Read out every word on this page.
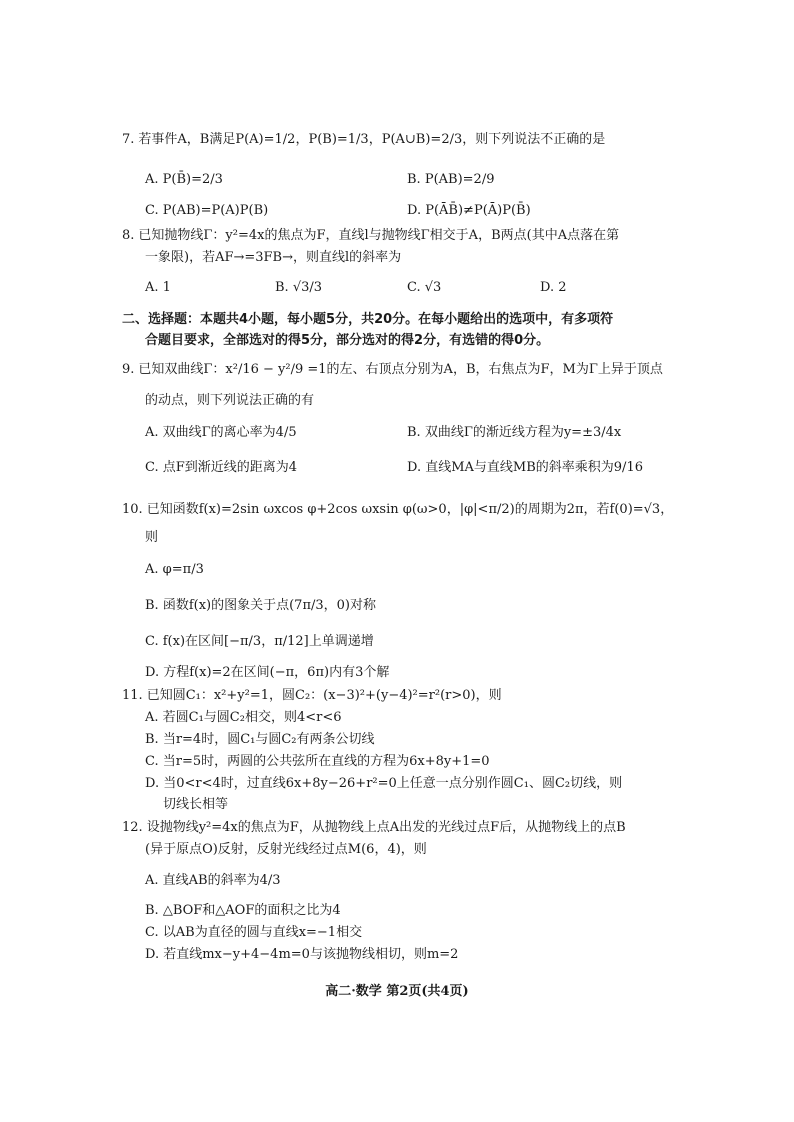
7. 若事件A，B满足P(A)=1/2，P(B)=1/3，P(A∪B)=2/3，则下列说法不正确的是
A. P(B̄)=2/3	B. P(AB)=2/9
C. P(AB)=P(A)P(B)	D. P(ĀB̄)≠P(Ā)P(B̄)
8. 已知抛物线Γ：y²=4x的焦点为F，直线l与抛物线Γ相交于A，B两点(其中A点落在第
一象限)，若AF→=3FB→，则直线l的斜率为
A. 1	B. √3/3	C. √3	D. 2
二、选择题：本题共4小题，每小题5分，共20分。在每小题给出的选项中，有多项符
合题目要求，全部选对的得5分，部分选对的得2分，有选错的得0分。
9. 已知双曲线Γ：x²/16 − y²/9 =1的左、右顶点分别为A，B，右焦点为F，M为Γ上异于顶点
的动点，则下列说法正确的有
A. 双曲线Γ的离心率为4/5	B. 双曲线Γ的渐近线方程为y=±3/4x
C. 点F到渐近线的距离为4	D. 直线MA与直线MB的斜率乘积为9/16
10. 已知函数f(x)=2sin ωxcos φ+2cos ωxsin φ(ω>0，|φ|<π/2)的周期为2π，若f(0)=√3，
则
A. φ=π/3
B. 函数f(x)的图象关于点(7π/3，0)对称
C. f(x)在区间[−π/3，π/12]上单调递增
D. 方程f(x)=2在区间(−π，6π)内有3个解
11. 已知圆C₁：x²+y²=1，圆C₂：(x−3)²+(y−4)²=r²(r>0)，则
A. 若圆C₁与圆C₂相交，则4<r<6
B. 当r=4时，圆C₁与圆C₂有两条公切线
C. 当r=5时，两圆的公共弦所在直线的方程为6x+8y+1=0
D. 当0<r<4时，过直线6x+8y−26+r²=0上任意一点分别作圆C₁、圆C₂切线，则
切线长相等
12. 设抛物线y²=4x的焦点为F，从抛物线上点A出发的光线过点F后，从抛物线上的点B
(异于原点O)反射，反射光线经过点M(6，4)，则
A. 直线AB的斜率为4/3
B. △BOF和△AOF的面积之比为4
C. 以AB为直径的圆与直线x=−1相交
D. 若直线mx−y+4−4m=0与该抛物线相切，则m=2
高二·数学 第2页(共4页)
